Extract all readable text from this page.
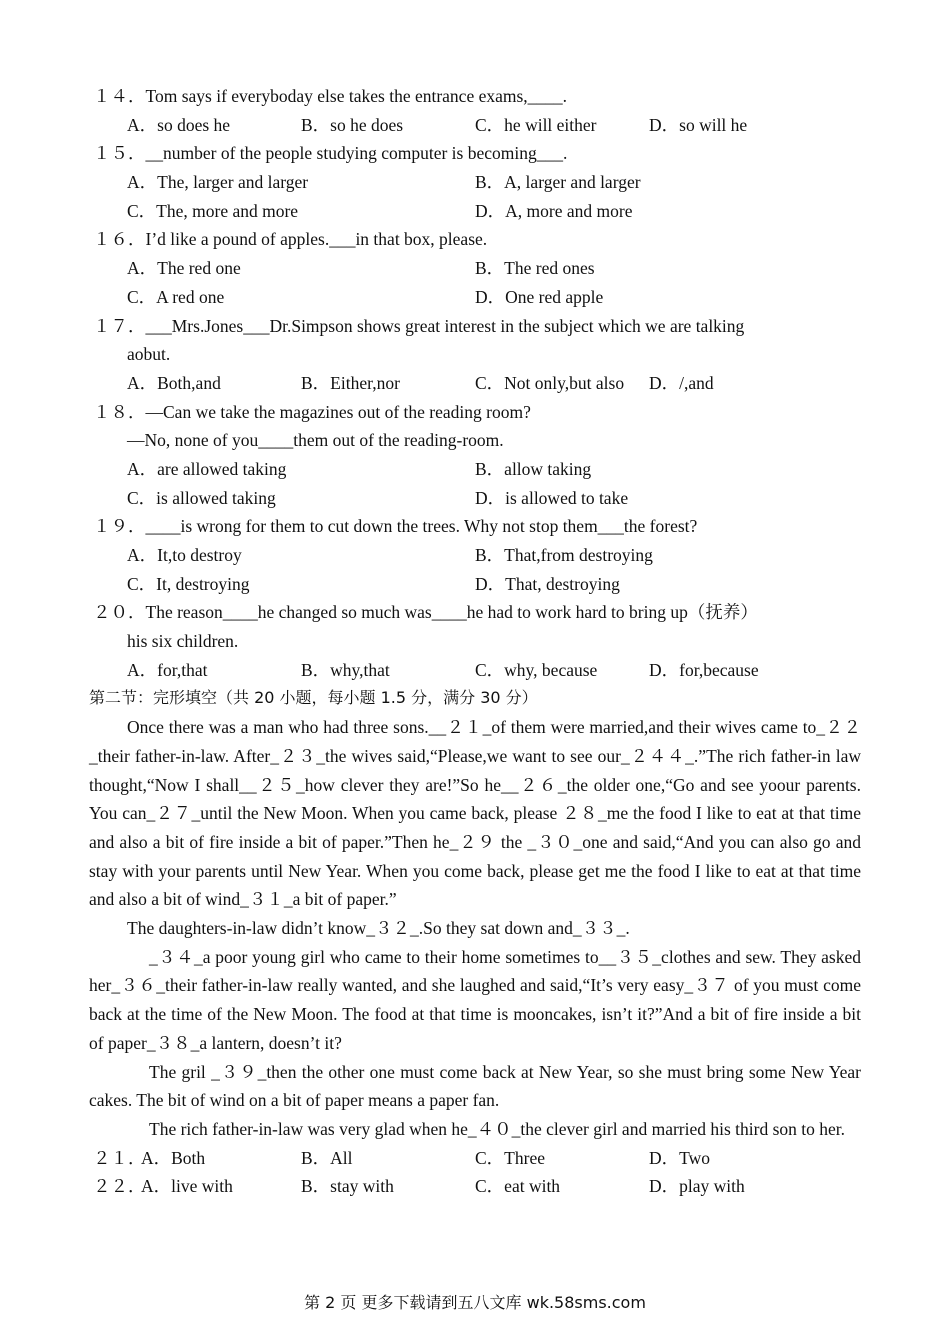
１４．Tom says if everyboday else takes the entrance exams,____.
A．so does he	B．so he does	C．he will either	D．so will he
１５．__number of the people studying computer is becoming___.
A．The, larger and larger	B．A, larger and larger
C．The, more and more	D．A, more and more
１６．I’d like a pound of apples.___in that box, please.
A．The red one	B．The red ones
C．A red one	D．One red apple
１７．___Mrs.Jones___Dr.Simpson shows great interest in the subject which we are talking
aobut.
A．Both,and	B．Either,nor	C．Not only,but also D．/,and
１８．—Can we take the magazines out of the reading room?
—No, none of you____them out of the reading-room.
A．are allowed taking	B．allow taking
C．is allowed taking	D．is allowed to take
１９．____is wrong for them to cut down the trees. Why not stop them___the forest?
A．It,to destroy	B．That,from destroying
C．It, destroying	D．That, destroying
２０．The reason____he changed so much was____he had to work hard to bring up（抚养）
his six children.
A．for,that	B．why,that	C．why, because	D．for,because
第二节：完形填空（共 20 小题，每小题 1.5 分，满分 30 分）

Once there was a man who had three sons.__２１_of them were married,and their wives came to_２２_their father-in-law. After_２３_the wives said,“Please,we want to see our_２４４_.”The rich father-in law thought,“Now I shall__２５_how clever they are!”So he__２６_the older one,“Go and see yoour parents. You can_２７_until the New Moon. When you came back, please ２８_me the food I like to eat at that time and also a bit of fire inside a bit of paper.”Then he_２９ the _３０_one and said,“And you can also go and stay with your parents until New Year. When you come back, please get me the food I like to eat at that time and also a bit of wind_３１_a bit of paper.”

The daughters-in-law didn’t know_３２_.So they sat down and_３３_.

_３４_a poor young girl who came to their home sometimes to__３５_clothes and sew. They asked her_３６_their father-in-law really wanted, and she laughed and said,“It’s very easy_３７ of you must come back at the time of the New Moon. The food at that time is mooncakes, isn’t it?”And a bit of fire inside a bit of paper_３８_a lantern, doesn’t it?

The gril _３９_then the other one must come back at New Year, so she must bring some New Year cakes. The bit of wind on a bit of paper means a paper fan.

The rich father-in-law was very glad when he_４０_the clever girl and married his third son to her.

２１．
A．Both	B．All	C．Three	D．Two
２２．
A．live with	B．stay with	C．eat with	D．play with
第 2 页 更多下载请到五八文库 wk.58sms.com
